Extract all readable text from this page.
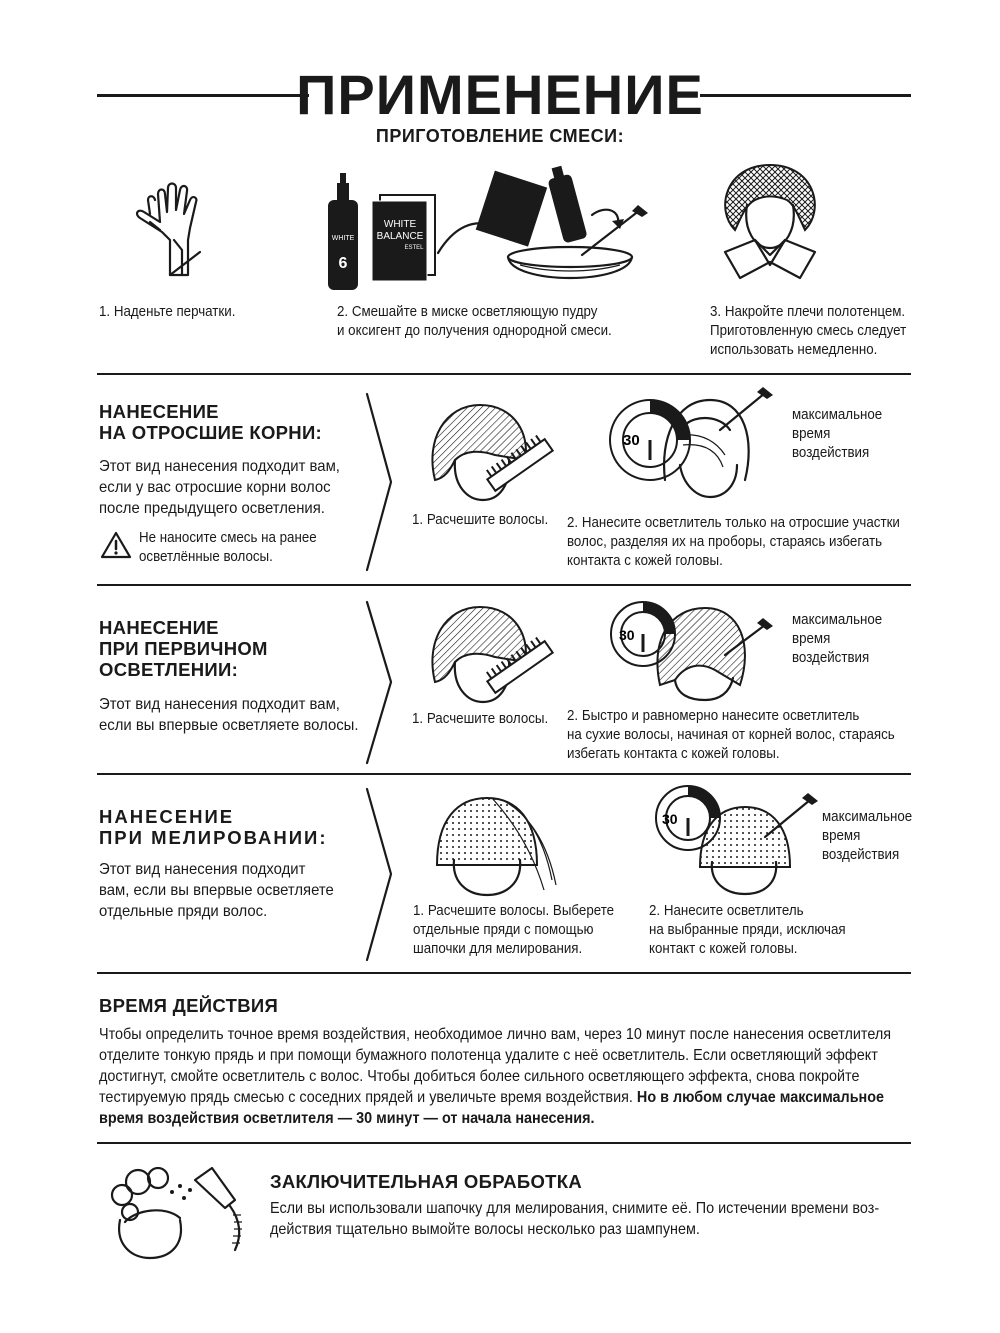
ПРИМЕНЕНИЕ
ПРИГОТОВЛЕНИЕ СМЕСИ:
1. Наденьте перчатки.
WHITE
6
WHITE
BALANCE
ESTEL
2. Смешайте в миске осветляющую пудру
и оксигент до получения однородной смеси.
3. Накройте плечи полотенцем.
Приготовленную смесь следует
использовать немедленно.
НАНЕСЕНИЕ
НА ОТРОСШИЕ КОРНИ:
Этот вид нанесения подходит вам,
если у вас отросшие корни волос
после предыдущего осветления.
Не наносите смесь на ранее
осветлённые волосы.
1. Расчешите волосы.
30
максимальное
время
воздействия
2. Нанесите осветлитель только на отросшие участки
волос, разделяя их на проборы, стараясь избегать
контакта с кожей головы.
НАНЕСЕНИЕ
ПРИ ПЕРВИЧНОМ
ОСВЕТЛЕНИИ:
Этот вид нанесения подходит вам,
если вы впервые осветляете волосы.	1. Расчешите волосы.
30
максимальное
время
воздействия
2. Быстро и равномерно нанесите осветлитель
на сухие волосы, начиная от корней волос, стараясь
избегать контакта с кожей головы.
НАНЕСЕНИЕ
ПРИ МЕЛИРОВАНИИ:
Этот вид нанесения подходит
вам, если вы впервые осветляете
отдельные пряди волос.	1. Расчешите волосы. Выберете
отдельные пряди с помощью
шапочки для мелирования.
30	максимальное
время
воздействия
2. Нанесите осветлитель
на выбранные пряди, исключая
контакт с кожей головы.
ВРЕМЯ ДЕЙСТВИЯ
Чтобы определить точное время воздействия, необходимое лично вам, через 10 минут после нанесения осветлителя
отделите тонкую прядь и при помощи бумажного полотенца удалите с неё осветлитель. Если осветляющий эффект
достигнут, смойте осветлитель с волос. Чтобы добиться более сильного осветляющего эффекта, снова покройте
тестируемую прядь смесью с соседних прядей и увеличьте время воздействия. Но в любом случае максимальное
время воздействия осветлителя — 30 минут — от начала нанесения.
ЗАКЛЮЧИТЕЛЬНАЯ ОБРАБОТКА
Если вы использовали шапочку для мелирования, снимите её. По истечении времени воз-
действия тщательно вымойте волосы несколько раз шампунем.
